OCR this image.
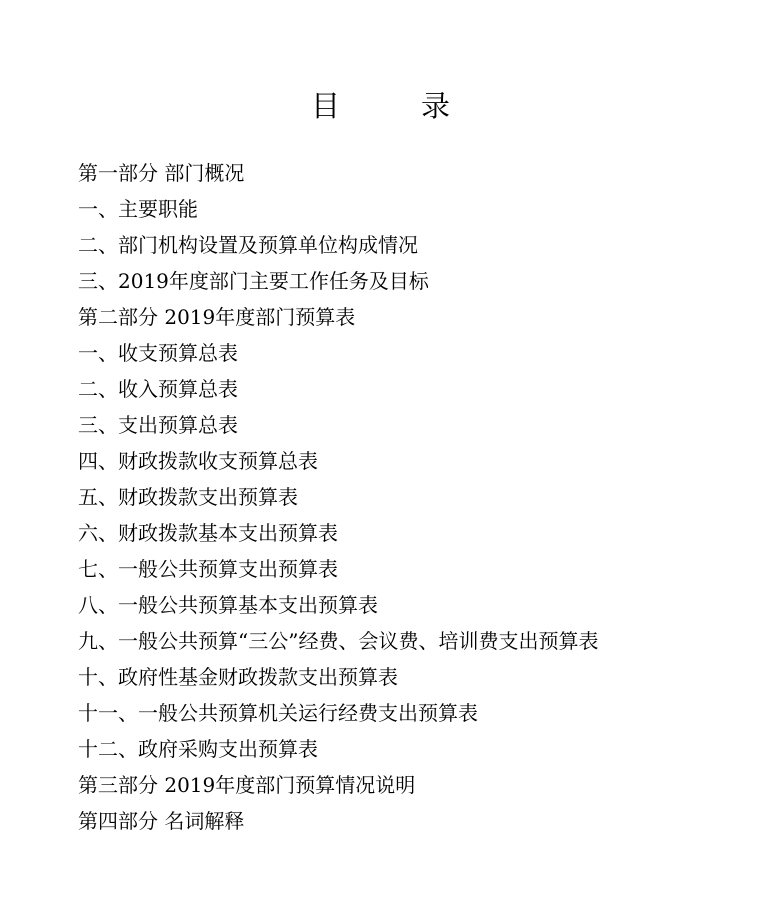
目　录
第一部分 部门概况
一、主要职能
二、部门机构设置及预算单位构成情况
三、2019年度部门主要工作任务及目标
第二部分 2019年度部门预算表
一、收支预算总表
二、收入预算总表
三、支出预算总表
四、财政拨款收支预算总表
五、财政拨款支出预算表
六、财政拨款基本支出预算表
七、一般公共预算支出预算表
八、一般公共预算基本支出预算表
九、一般公共预算“三公”经费、会议费、培训费支出预算表
十、政府性基金财政拨款支出预算表
十一、一般公共预算机关运行经费支出预算表
十二、政府采购支出预算表
第三部分 2019年度部门预算情况说明
第四部分 名词解释
